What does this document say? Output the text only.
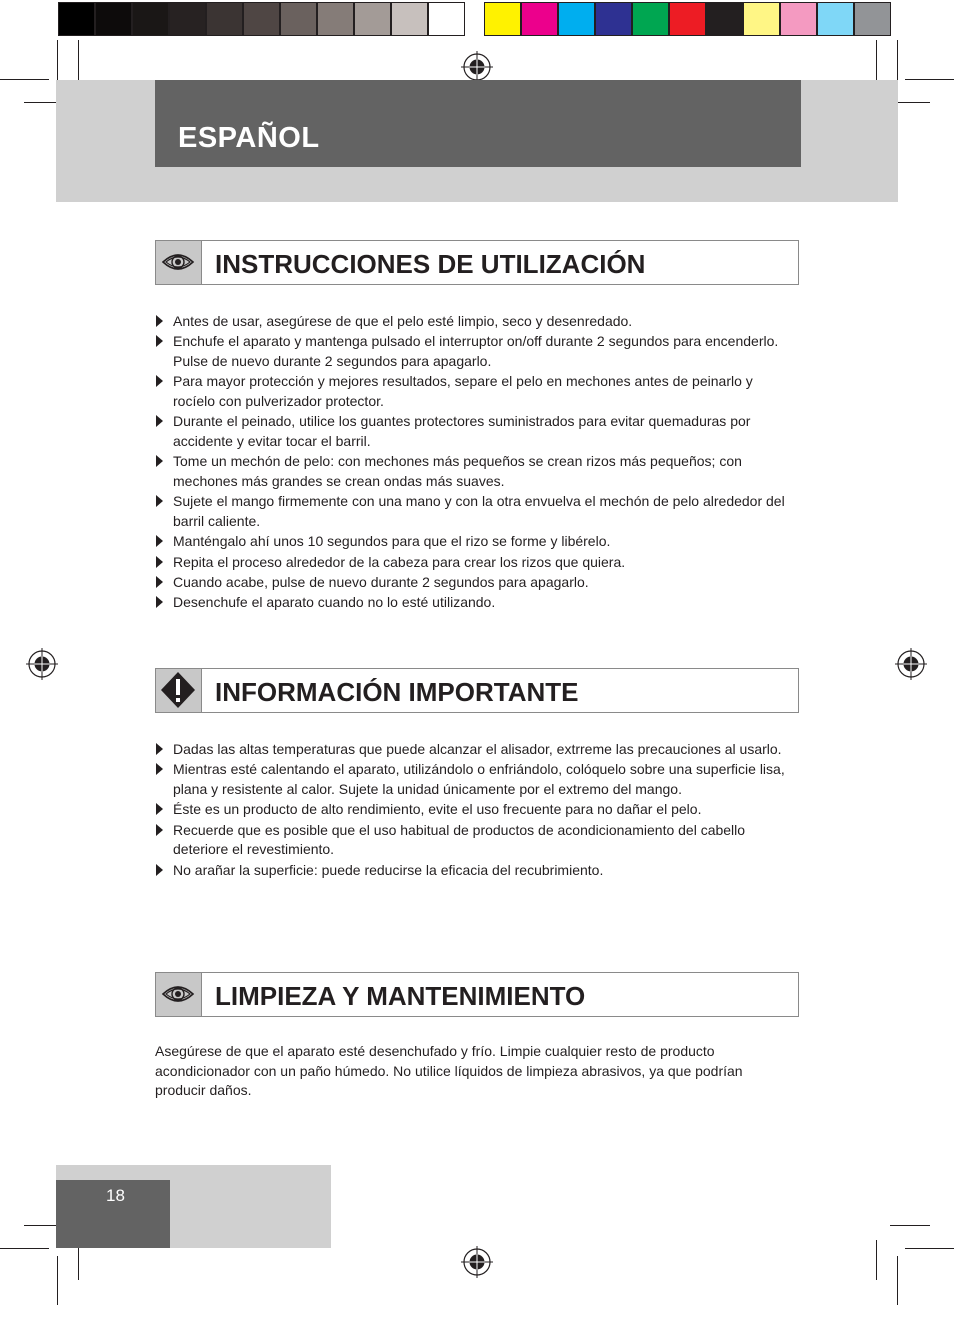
ESPAÑOL
INSTRUCCIONES DE UTILIZACIÓN
Antes de usar, asegúrese de que el pelo esté limpio, seco y desenredado.
Enchufe el aparato y mantenga pulsado el interruptor on/off durante 2 segundos para encenderlo. Pulse de nuevo durante 2 segundos para apagarlo.
Para mayor protección y mejores resultados, separe el pelo en mechones antes de peinarlo y rocíelo con pulverizador protector.
Durante el peinado, utilice los guantes protectores suministrados para evitar quemaduras por accidente y evitar tocar el barril.
Tome un mechón de pelo: con mechones más pequeños se crean rizos más pequeños; con mechones más grandes se crean ondas más suaves.
Sujete el mango firmemente con una mano y con la otra envuelva el mechón de pelo alrededor del barril caliente.
Manténgalo ahí unos 10 segundos para que el rizo se forme y libérelo.
Repita el proceso alrededor de la cabeza para crear los rizos que quiera.
Cuando acabe, pulse de nuevo durante 2 segundos para apagarlo.
Desenchufe el aparato cuando no lo esté utilizando.
INFORMACIÓN IMPORTANTE
Dadas las altas temperaturas que puede alcanzar el alisador, extrreme las precauciones al usarlo.
Mientras esté calentando el aparato, utilizándolo o enfriándolo, colóquelo sobre una superficie lisa, plana y resistente al calor. Sujete la unidad únicamente por el extremo del mango.
Éste es un producto de alto rendimiento, evite el uso frecuente para no dañar el pelo.
Recuerde que es posible que el uso habitual de productos de acondicionamiento del cabello deteriore el revestimiento.
No arañar la superficie: puede reducirse la eficacia del recubrimiento.
LIMPIEZA Y MANTENIMIENTO

Asegúrese de que el aparato esté desenchufado y frío. Limpie cualquier resto de producto acondicionador con un paño húmedo. No utilice líquidos de limpieza abrasivos, ya que podrían producir daños.

18
